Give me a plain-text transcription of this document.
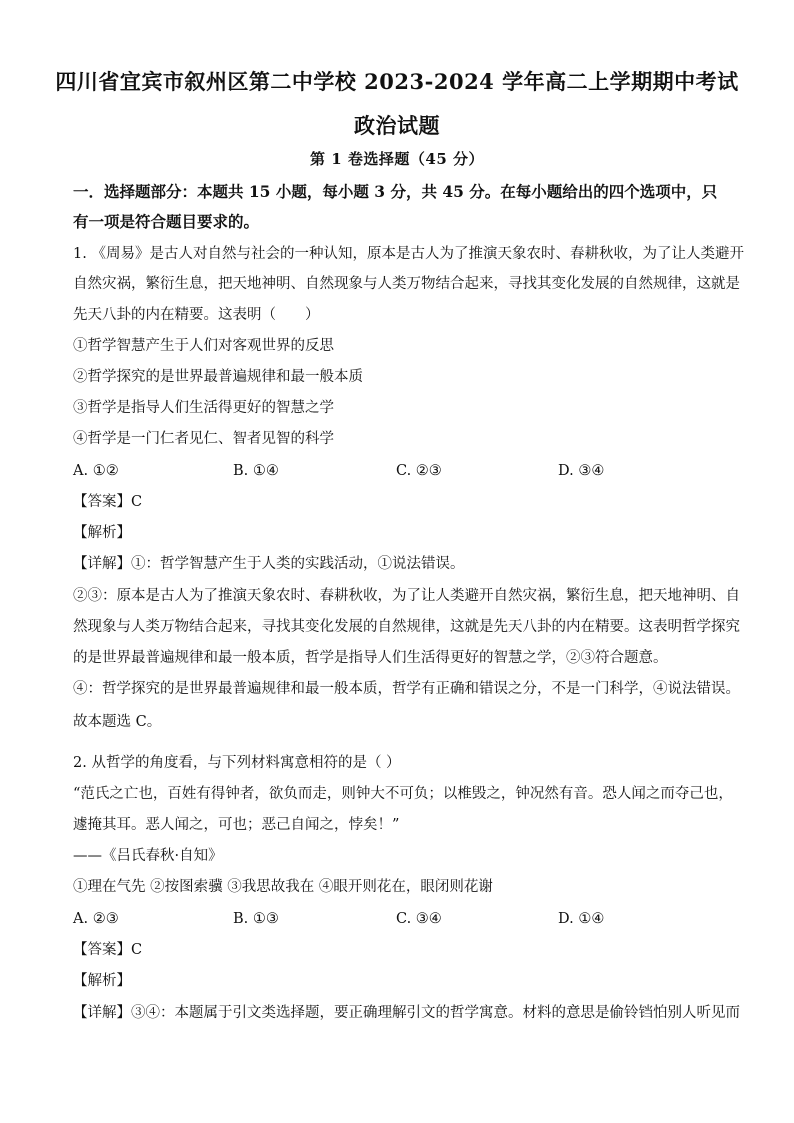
四川省宜宾市叙州区第二中学校 2023-2024 学年高二上学期期中考试
政治试题
第 1 卷选择题（45 分）
一．选择题部分：本题共 15 小题，每小题 3 分，共 45 分。在每小题给出的四个选项中，只
有一项是符合题目要求的。
1. 《周易》是古人对自然与社会的一种认知，原本是古人为了推演天象农时、春耕秋收，为了让人类避开
自然灾祸，繁衍生息，把天地神明、自然现象与人类万物结合起来，寻找其变化发展的自然规律，这就是
先天八卦的内在精要。这表明（　　）
①哲学智慧产生于人们对客观世界的反思
②哲学探究的是世界最普遍规律和最一般本质
③哲学是指导人们生活得更好的智慧之学
④哲学是一门仁者见仁、智者见智的科学
A. ①②	B. ①④	C. ②③	D. ③④
【答案】C
【解析】
【详解】①：哲学智慧产生于人类的实践活动，①说法错误。
②③：原本是古人为了推演天象农时、春耕秋收，为了让人类避开自然灾祸，繁衍生息，把天地神明、自
然现象与人类万物结合起来，寻找其变化发展的自然规律，这就是先天八卦的内在精要。这表明哲学探究
的是世界最普遍规律和最一般本质，哲学是指导人们生活得更好的智慧之学，②③符合题意。
④：哲学探究的是世界最普遍规律和最一般本质，哲学有正确和错误之分，不是一门科学，④说法错误。
故本题选 C。
2. 从哲学的角度看，与下列材料寓意相符的是（ ）
“范氏之亡也，百姓有得钟者，欲负而走，则钟大不可负；以椎毁之，钟况然有音。恐人闻之而夺己也，
遽掩其耳。恶人闻之，可也；恶己自闻之，悖矣！”
——《吕氏春秋·自知》
①理在气先 ②按图索骥 ③我思故我在 ④眼开则花在，眼闭则花谢
A. ②③	B. ①③	C. ③④	D. ①④
【答案】C
【解析】
【详解】③④：本题属于引文类选择题，要正确理解引文的哲学寓意。材料的意思是偷铃铛怕别人听见而
